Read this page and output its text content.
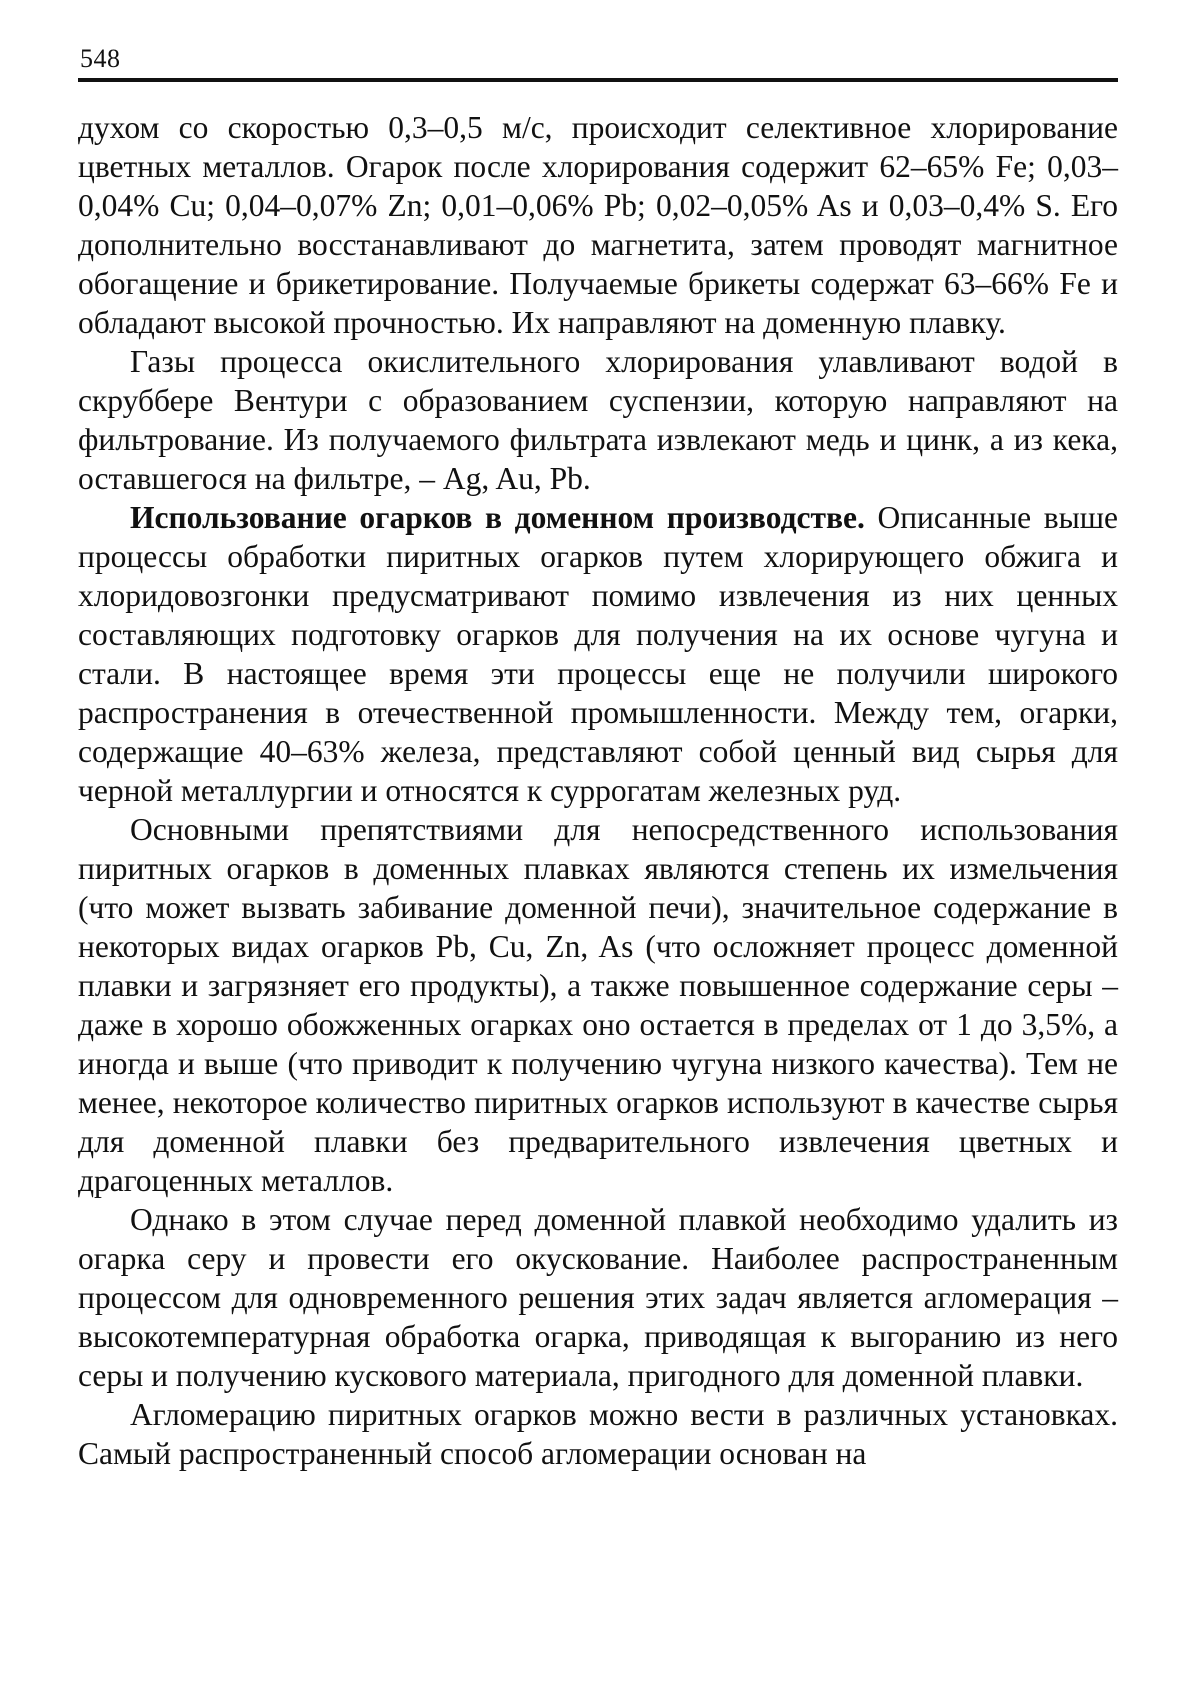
548

духом со скоростью 0,3–0,5 м/с, происходит селективное хлорирование цветных металлов. Огарок после хлорирования содержит 62–65% Fe; 0,03–0,04% Cu; 0,04–0,07% Zn; 0,01–0,06% Pb; 0,02–0,05% As и 0,03–0,4% S. Его дополнительно восстанавливают до магнетита, затем проводят магнитное обогащение и брикетирование. Получаемые брикеты содержат 63–66% Fe и обладают высокой прочностью. Их направляют на доменную плавку.

Газы процесса окислительного хлорирования улавливают водой в скруббере Вентури с образованием суспензии, которую направляют на фильтрование. Из получаемого фильтрата извлекают медь и цинк, а из кека, оставшегося на фильтре, – Ag, Au, Pb.

Использование огарков в доменном производстве. Описанные выше процессы обработки пиритных огарков путем хлорирующего обжига и хлоридовозгонки предусматривают помимо извлечения из них ценных составляющих подготовку огарков для получения на их основе чугуна и стали. В настоящее время эти процессы еще не получили широкого распространения в отечественной промышленности. Между тем, огарки, содержащие 40–63% железа, представляют собой ценный вид сырья для черной металлургии и относятся к суррогатам железных руд.

Основными препятствиями для непосредственного использования пиритных огарков в доменных плавках являются степень их измельчения (что может вызвать забивание доменной печи), значительное содержание в некоторых видах огарков Pb, Cu, Zn, As (что осложняет процесс доменной плавки и загрязняет его продукты), а также повышенное содержание серы – даже в хорошо обожженных огарках оно остается в пределах от 1 до 3,5%, а иногда и выше (что приводит к получению чугуна низкого качества). Тем не менее, некоторое количество пиритных огарков используют в качестве сырья для доменной плавки без предварительного извлечения цветных и драгоценных металлов.

Однако в этом случае перед доменной плавкой необходимо удалить из огарка серу и провести его окускование. Наиболее распространенным процессом для одновременного решения этих задач является агломерация – высокотемпературная обработка огарка, приводящая к выгоранию из него серы и получению кускового материала, пригодного для доменной плавки.

Агломерацию пиритных огарков можно вести в различных установках. Самый распространенный способ агломерации основан на
